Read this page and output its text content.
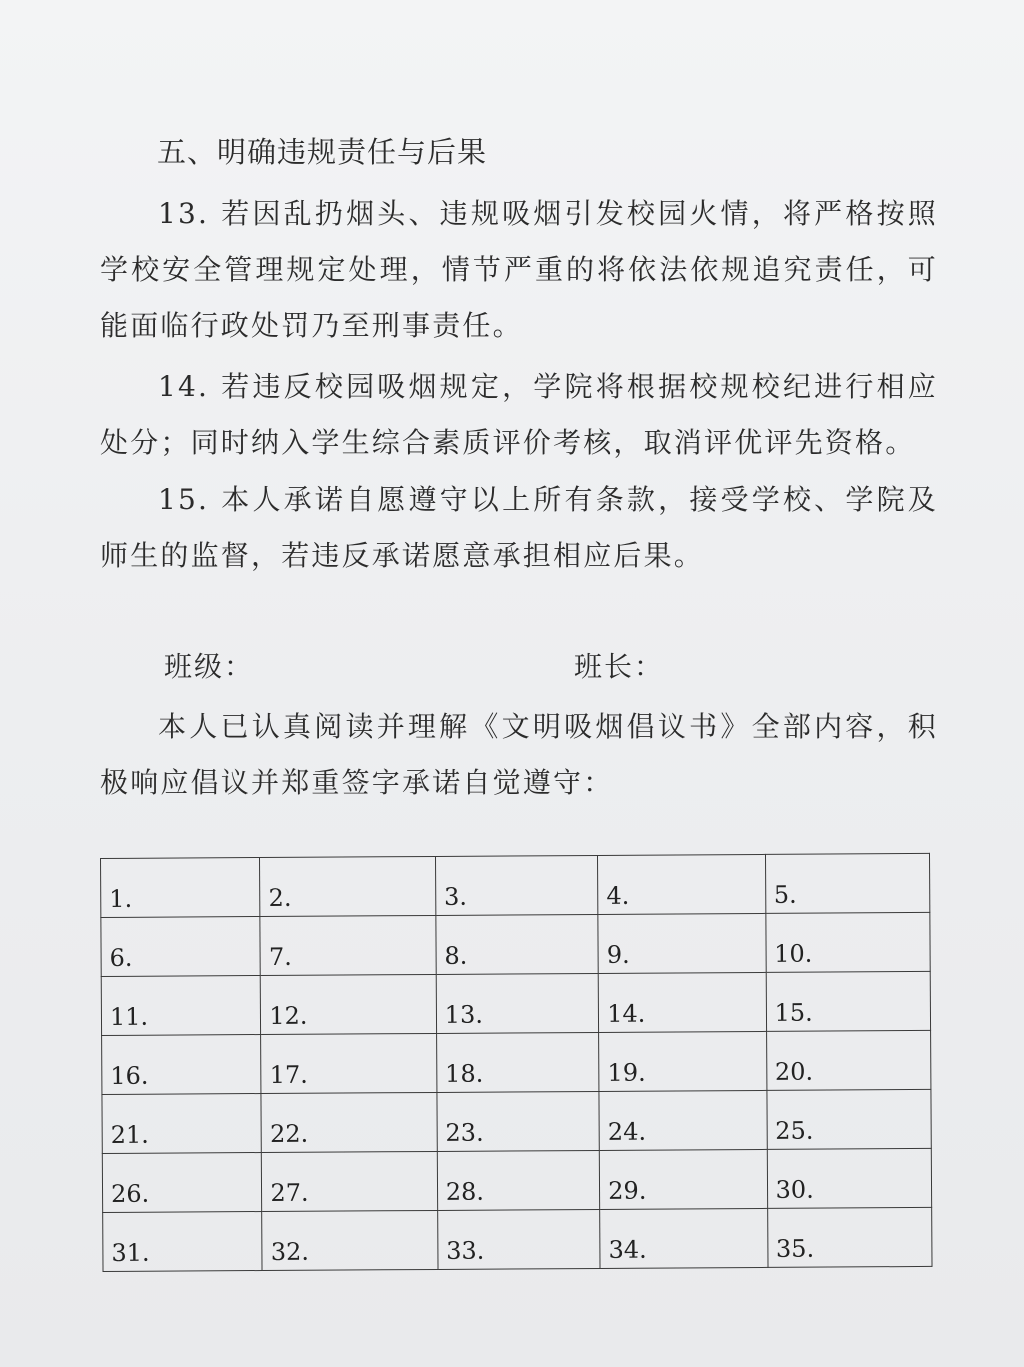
五、明确违规责任与后果

13. 若因乱扔烟头、违规吸烟引发校园火情，将严格按照学校安全管理规定处理，情节严重的将依法依规追究责任，可能面临行政处罚乃至刑事责任。

14. 若违反校园吸烟规定，学院将根据校规校纪进行相应处分；同时纳入学生综合素质评价考核，取消评优评先资格。

15. 本人承诺自愿遵守以上所有条款，接受学校、学院及师生的监督，若违反承诺愿意承担相应后果。

班级：	班长：

本人已认真阅读并理解《文明吸烟倡议书》全部内容，积极响应倡议并郑重签字承诺自觉遵守：

1.	2.	3.	4.	5.
6.	7.	8.	9.	10.
11.	12.	13.	14.	15.
16.	17.	18.	19.	20.
21.	22.	23.	24.	25.
26.	27.	28.	29.	30.
31.	32.	33.	34.	35.
